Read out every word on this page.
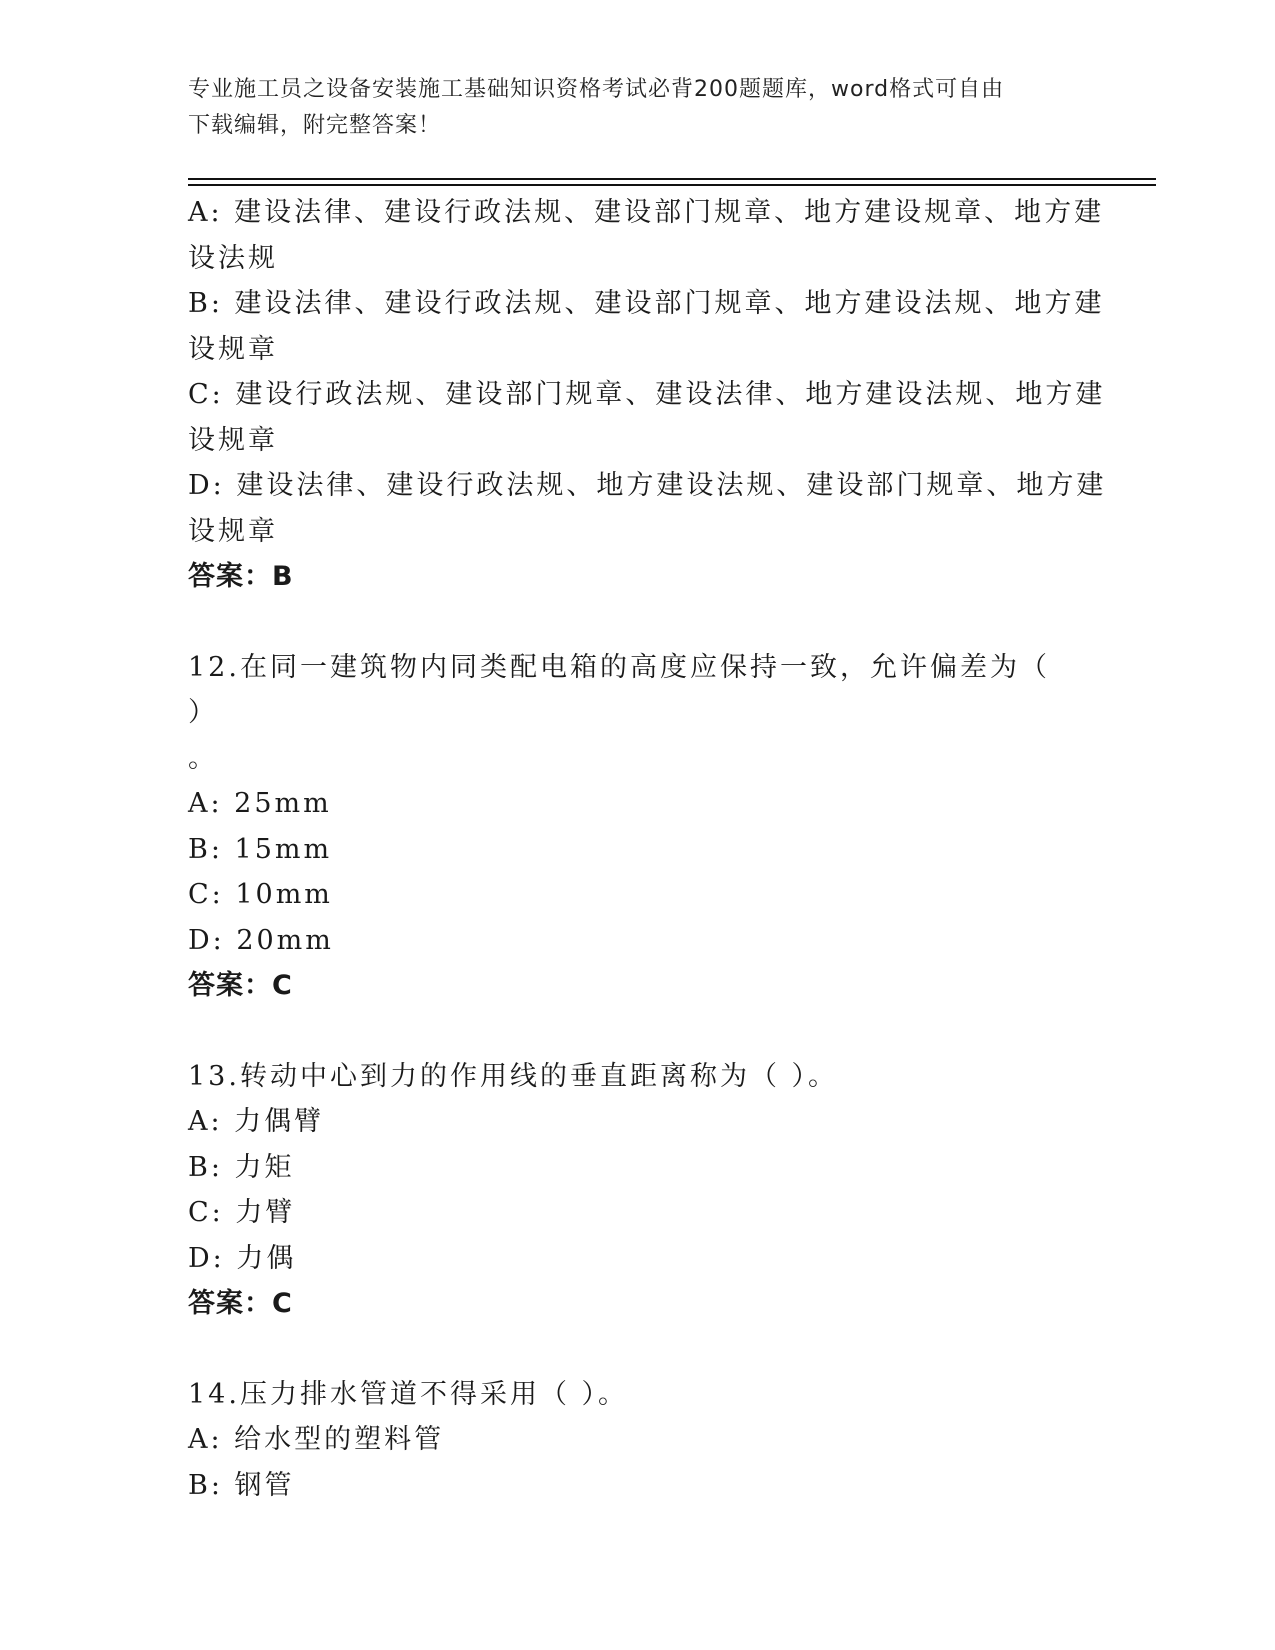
专业施工员之设备安装施工基础知识资格考试必背200题题库，word格式可自由
下载编辑，附完整答案！
A: 建设法律、建设行政法规、建设部门规章、地方建设规章、地方建
设法规
B: 建设法律、建设行政法规、建设部门规章、地方建设法规、地方建
设规章
C: 建设行政法规、建设部门规章、建设法律、地方建设法规、地方建
设规章
D: 建设法律、建设行政法规、地方建设法规、建设部门规章、地方建
设规章
答案：B
12.在同一建筑物内同类配电箱的高度应保持一致，允许偏差为（ ）
。
A: 25mm
B: 15mm
C: 10mm
D: 20mm
答案：C
13.转动中心到力的作用线的垂直距离称为（ ）。
A: 力偶臂
B: 力矩
C: 力臂
D: 力偶
答案：C
14.压力排水管道不得采用（ ）。
A: 给水型的塑料管
B: 钢管
